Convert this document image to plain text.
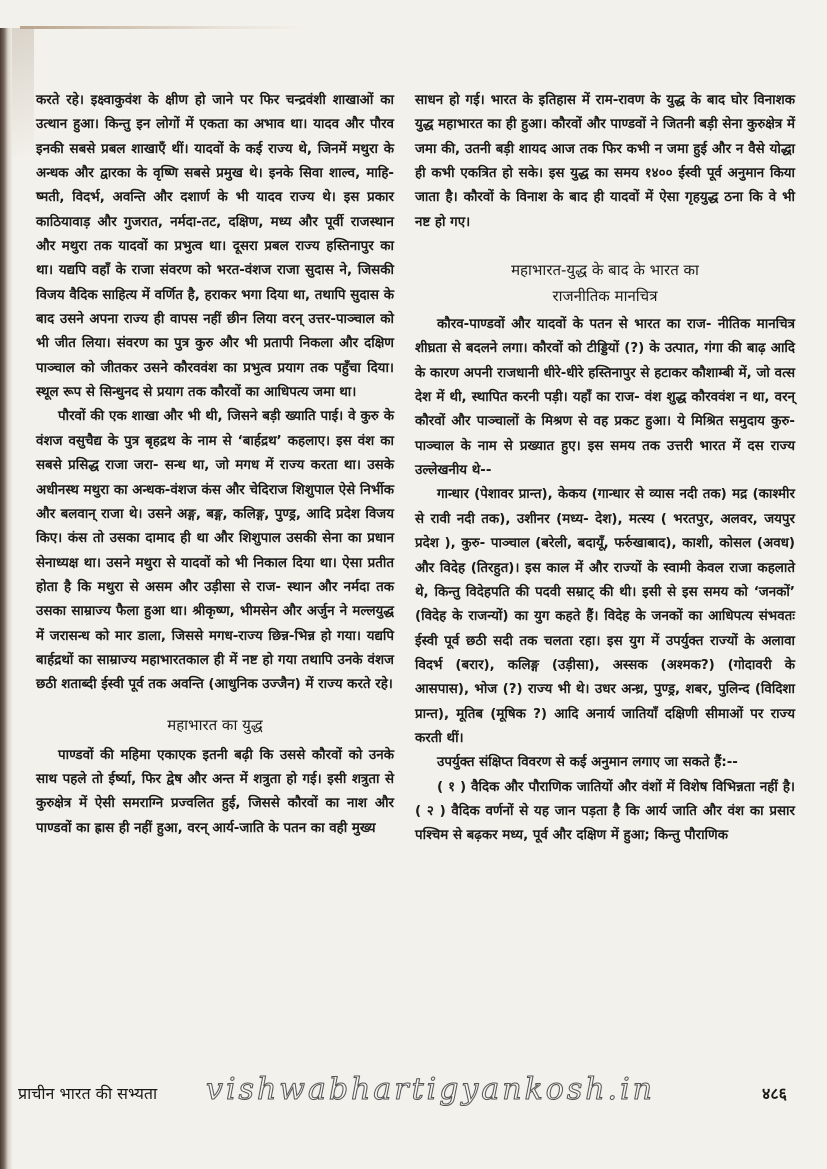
करते रहे। इक्ष्वाकुवंश के क्षीण हो जाने पर फिर चन्द्रवंशी शाखाओं का उत्थान हुआ। किन्तु इन लोगों में एकता का अभाव था। यादव और पौरव इनकी सबसे प्रबल शाखाएँ थीं। यादवों के कई राज्य थे, जिनमें मथुरा के अन्धक और द्वारका के वृष्णि सबसे प्रमुख थे। इनके सिवा शाल्व, माहि- ष्मती, विदर्भ, अवन्ति और दशार्ण के भी यादव राज्य थे। इस प्रकार काठियावाड़ और गुजरात, नर्मदा-तट, दक्षिण, मध्य और पूर्वी राजस्थान और मथुरा तक यादवों का प्रभुत्व था। दूसरा प्रबल राज्य हस्तिनापुर का था। यद्यपि वहाँ के राजा संवरण को भरत-वंशज राजा सुदास ने, जिसकी विजय वैदिक साहित्य में वर्णित है, हराकर भगा दिया था, तथापि सुदास के बाद उसने अपना राज्य ही वापस नहीं छीन लिया वरन् उत्तर-पाञ्चाल को भी जीत लिया। संवरण का पुत्र कुरु और भी प्रतापी निकला और दक्षिण पाञ्चाल को जीतकर उसने कौरववंश का प्रभुत्व प्रयाग तक पहुँचा दिया। स्थूल रूप से सिन्धुनद से प्रयाग तक कौरवों का आधिपत्य जमा था।

पौरवों की एक शाखा और भी थी, जिसने बड़ी ख्याति पाई। वे कुरु के वंशज वसुचैद्य के पुत्र बृहद्रथ के नाम से ‘बार्हद्रथ’ कहलाए। इस वंश का सबसे प्रसिद्ध राजा जरा- सन्ध था, जो मगध में राज्य करता था। उसके अधीनस्थ मथुरा का अन्धक-वंशज कंस और चेदिराज शिशुपाल ऐसे निर्भीक और बलवान् राजा थे। उसने अङ्ग, बङ्ग, कलिङ्ग, पुण्ड्र, आदि प्रदेश विजय किए। कंस तो उसका दामाद ही था और शिशुपाल उसकी सेना का प्रधान सेनाध्यक्ष था। उसने मथुरा से यादवों को भी निकाल दिया था। ऐसा प्रतीत होता है कि मथुरा से असम और उड़ीसा से राज- स्थान और नर्मदा तक उसका साम्राज्य फैला हुआ था। श्रीकृष्ण, भीमसेन और अर्जुन ने मल्लयुद्ध में जरासन्ध को मार डाला, जिससे मगध-राज्य छिन्न-भिन्न हो गया। यद्यपि बार्हद्रथों का साम्राज्य महाभारतकाल ही में नष्ट हो गया तथापि उनके वंशज छठी शताब्दी ईस्वी पूर्व तक अवन्ति (आधुनिक उज्जैन) में राज्य करते रहे।

महाभारत का युद्ध

पाण्डवों की महिमा एकाएक इतनी बढ़ी कि उससे कौरवों को उनके साथ पहले तो ईर्ष्या, फिर द्वेष और अन्त में शत्रुता हो गई। इसी शत्रुता से कुरुक्षेत्र में ऐसी समराग्नि प्रज्वलित हुई, जिससे कौरवों का नाश और पाण्डवों का ह्रास ही नहीं हुआ, वरन् आर्य-जाति के पतन का वही मुख्य

साधन हो गई। भारत के इतिहास में राम-रावण के युद्ध के बाद घोर विनाशक युद्ध महाभारत का ही हुआ। कौरवों और पाण्डवों ने जितनी बड़ी सेना कुरुक्षेत्र में जमा की, उतनी बड़ी शायद आज तक फिर कभी न जमा हुई और न वैसे योद्धा ही कभी एकत्रित हो सके। इस युद्ध का समय १४०० ईस्वी पूर्व अनुमान किया जाता है। कौरवों के विनाश के बाद ही यादवों में ऐसा गृहयुद्ध ठना कि वे भी नष्ट हो गए।

महाभारत-युद्ध के बाद के भारत का
राजनीतिक मानचित्र

कौरव-पाण्डवों और यादवों के पतन से भारत का राज- नीतिक मानचित्र शीघ्रता से बदलने लगा। कौरवों को टीड्डियों (?) के उत्पात, गंगा की बाढ़ आदि के कारण अपनी राजधानी धीरे-धीरे हस्तिनापुर से हटाकर कौशाम्बी में, जो वत्स देश में थी, स्थापित करनी पड़ी। यहाँ का राज- वंश शुद्ध कौरववंश न था, वरन् कौरवों और पाञ्चालों के मिश्रण से वह प्रकट हुआ। ये मिश्रित समुदाय कुरु-पाञ्चाल के नाम से प्रख्यात हुए। इस समय तक उत्तरी भारत में दस राज्य उल्लेखनीय थे--

गान्धार (पेशावर प्रान्त), केकय (गान्धार से व्यास नदी तक) मद्र (काश्मीर से रावी नदी तक), उशीनर (मध्य- देश), मत्स्य ( भरतपुर, अलवर, जयपुर प्रदेश ), कुरु- पाञ्चाल (बरेली, बदायूँ, फर्रुखाबाद), काशी, कोसल (अवध) और विदेह (तिरहुत)। इस काल में और राज्यों के स्वामी केवल राजा कहलाते थे, किन्तु विदेहपति की पदवी सम्राट् की थी। इसी से इस समय को ‘जनकों’ (विदेह के राजन्यों) का युग कहते हैं। विदेह के जनकों का आधिपत्य संभवतः ईस्वी पूर्व छठी सदी तक चलता रहा। इस युग में उपर्युक्त राज्यों के अलावा विदर्भ (बरार), कलिङ्ग (उड़ीसा), अस्सक (अश्मक?) (गोदावरी के आसपास), भोज (?) राज्य भी थे। उधर अन्ध्र, पुण्ड्र, शबर, पुलिन्द (विदिशा प्रान्त), मूतिब (मूषिक ?) आदि अनार्य जातियाँ दक्षिणी सीमाओं पर राज्य करती थीं।

उपर्युक्त संक्षिप्त विवरण से कई अनुमान लगाए जा सकते हैं:--

( १ ) वैदिक और पौराणिक जातियों और वंशों में विशेष विभिन्नता नहीं है। ( २ ) वैदिक वर्णनों से यह जान पड़ता है कि आर्य जाति और वंश का प्रसार पश्चिम से बढ़कर मध्य, पूर्व और दक्षिण में हुआ; किन्तु पौराणिक

प्राचीन भारत की सभ्यता vishwabhartigyankosh.in	४८६
